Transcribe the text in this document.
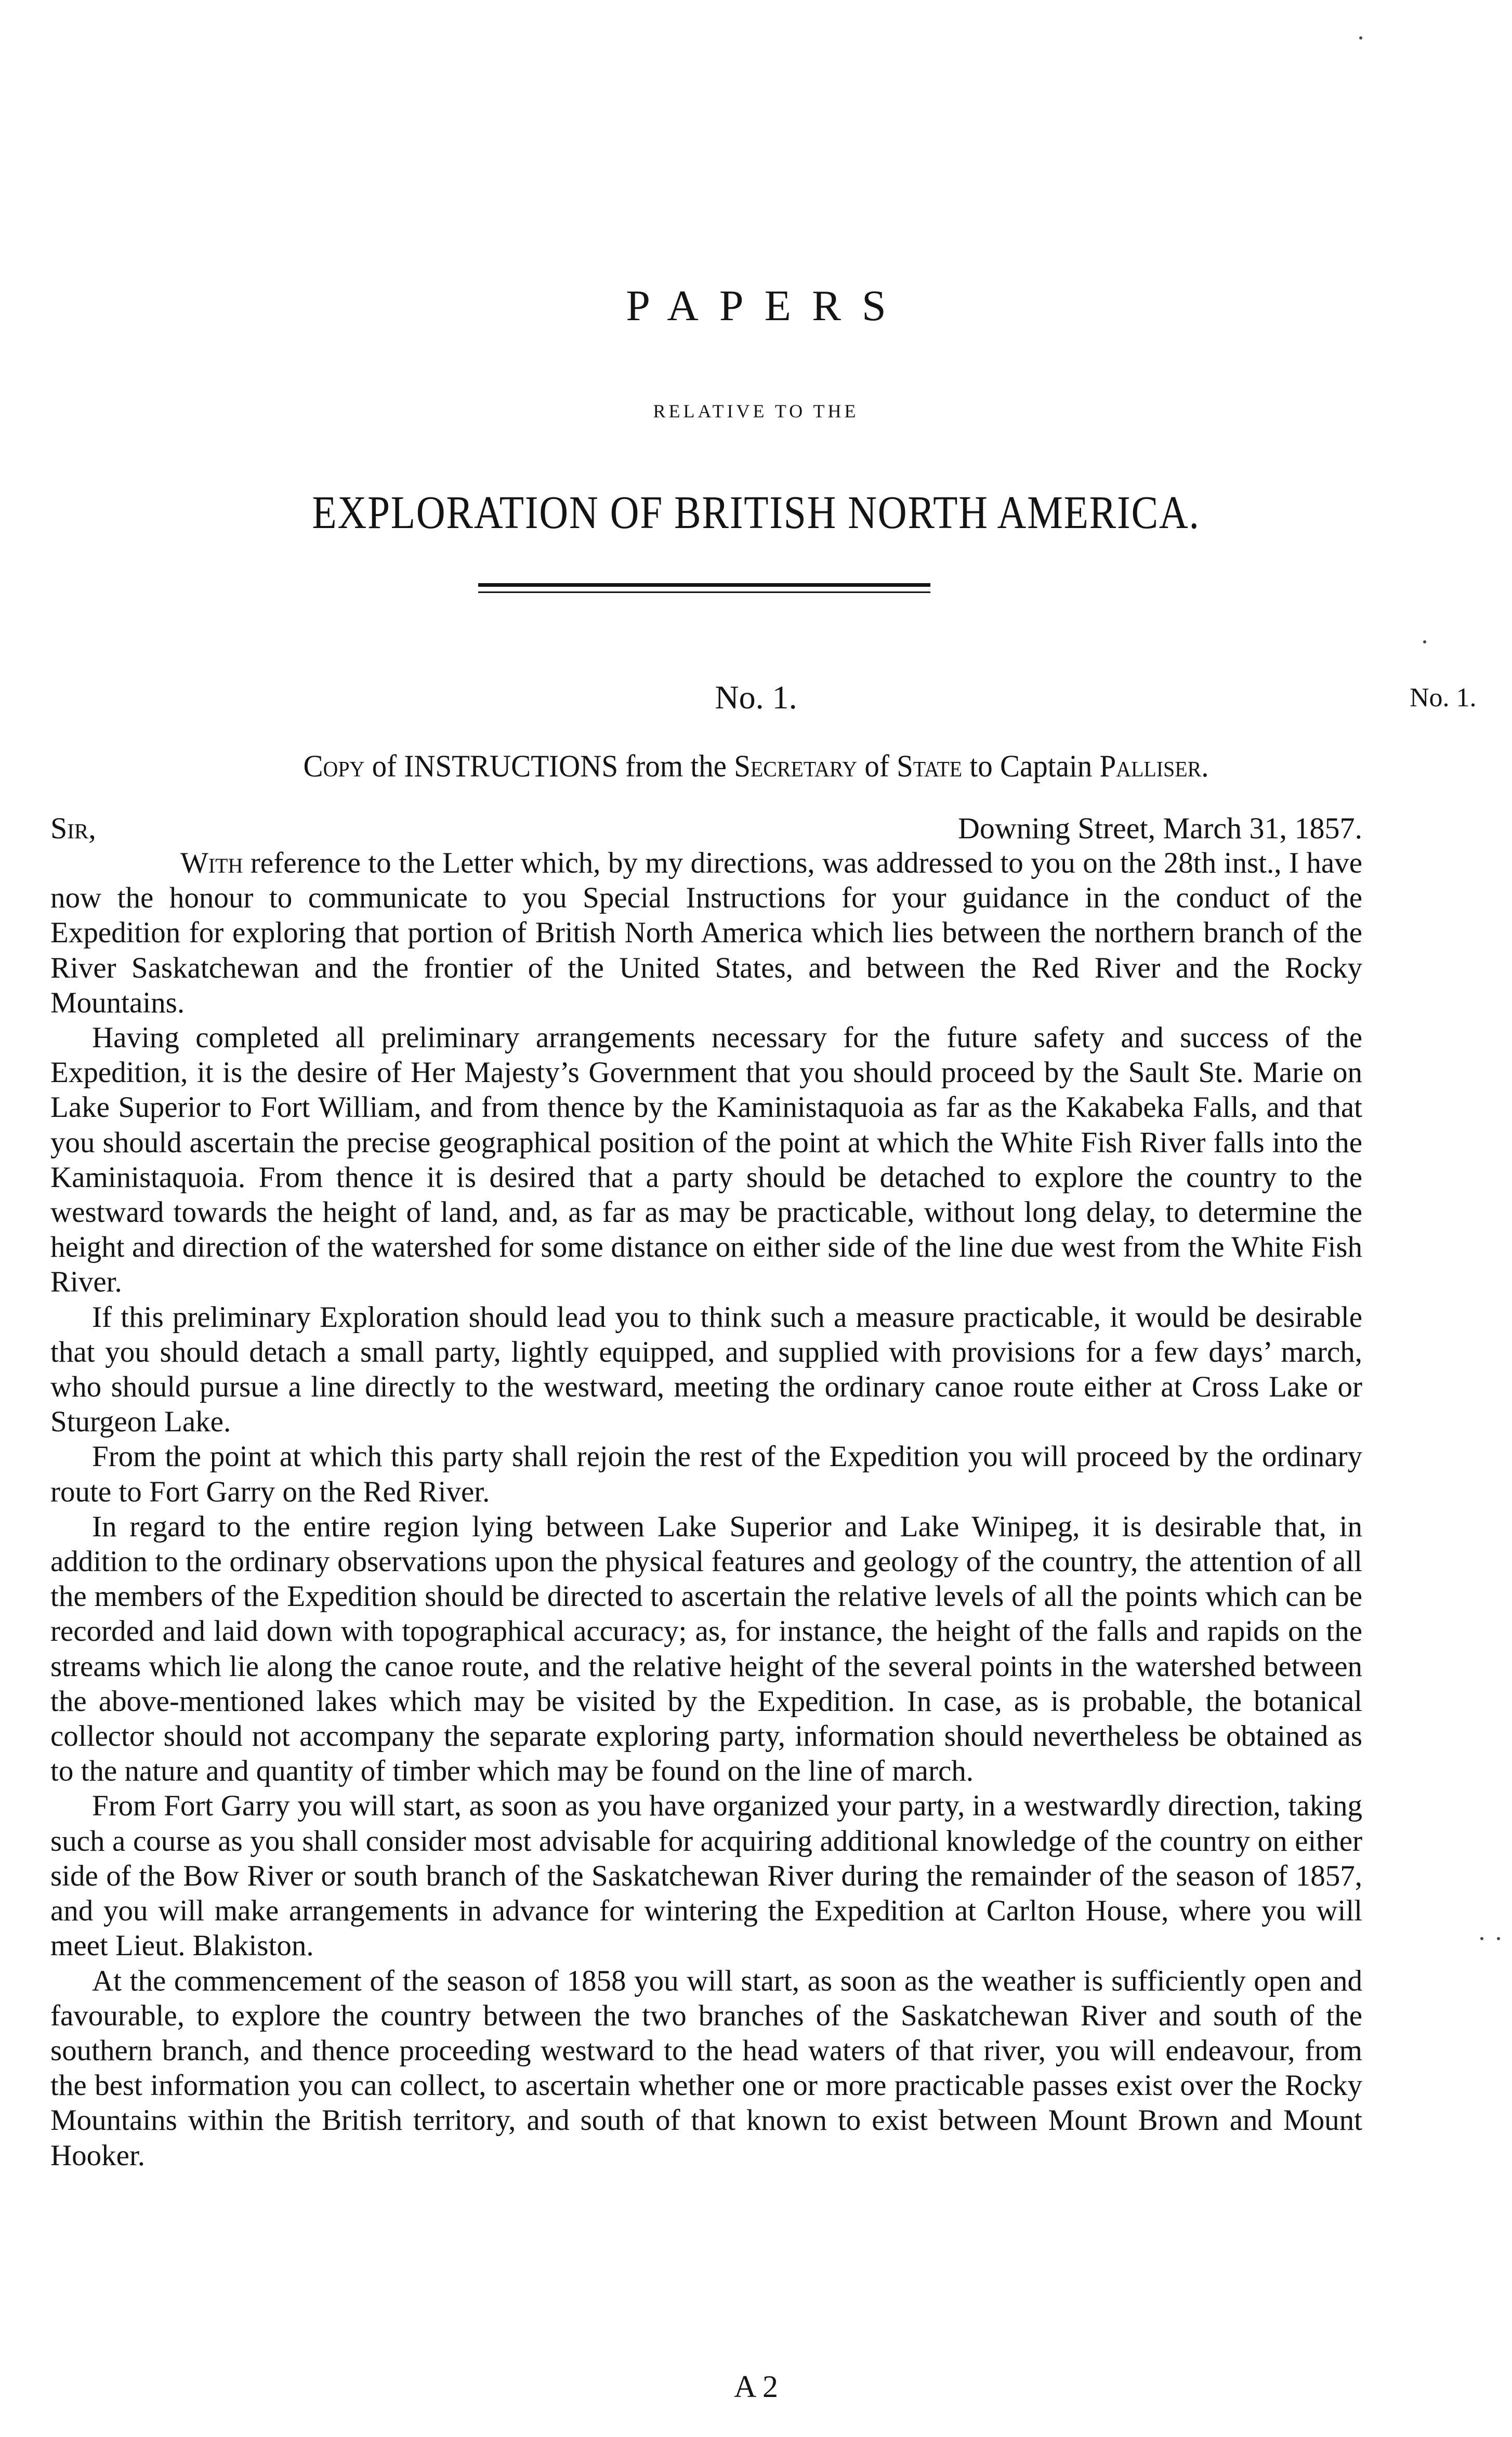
PAPERS
RELATIVE TO THE
EXPLORATION OF BRITISH NORTH AMERICA.
No. 1.	No. 1.
Copy of INSTRUCTIONS from the Secretary of State to Captain Palliser.
Sir,	Downing Street, March 31, 1857.

With reference to the Letter which, by my directions, was addressed to you on the 28th inst., I have now the honour to communicate to you Special Instructions for your guidance in the conduct of the Expedition for exploring that portion of British North America which lies between the northern branch of the River Saskatchewan and the frontier of the United States, and between the Red River and the Rocky Mountains.

Having completed all preliminary arrangements necessary for the future safety and success of the Expedition, it is the desire of Her Majesty’s Government that you should proceed by the Sault Ste. Marie on Lake Superior to Fort William, and from thence by the Kaministaquoia as far as the Kakabeka Falls, and that you should ascertain the precise geographical position of the point at which the White Fish River falls into the Kaministaquoia. From thence it is desired that a party should be detached to explore the country to the westward towards the height of land, and, as far as may be practicable, without long delay, to determine the height and direction of the watershed for some distance on either side of the line due west from the White Fish River.

If this preliminary Exploration should lead you to think such a measure practicable, it would be desirable that you should detach a small party, lightly equipped, and supplied with provisions for a few days’ march, who should pursue a line directly to the westward, meeting the ordinary canoe route either at Cross Lake or Sturgeon Lake.

From the point at which this party shall rejoin the rest of the Expedition you will proceed by the ordinary route to Fort Garry on the Red River.

In regard to the entire region lying between Lake Superior and Lake Winipeg, it is desirable that, in addition to the ordinary observations upon the physical features and geology of the country, the attention of all the members of the Expedition should be directed to ascertain the relative levels of all the points which can be recorded and laid down with topographical accuracy; as, for instance, the height of the falls and rapids on the streams which lie along the canoe route, and the relative height of the several points in the watershed between the above-mentioned lakes which may be visited by the Expedition. In case, as is probable, the botanical collector should not accompany the separate exploring party, information should nevertheless be obtained as to the nature and quantity of timber which may be found on the line of march.

From Fort Garry you will start, as soon as you have organized your party, in a westwardly direction, taking such a course as you shall consider most advisable for acquiring additional knowledge of the country on either side of the Bow River or south branch of the Saskatchewan River during the remainder of the season of 1857, and you will make arrangements in advance for wintering the Expedition at Carlton House, where you will meet Lieut. Blakiston.

At the commencement of the season of 1858 you will start, as soon as the weather is sufficiently open and favourable, to explore the country between the two branches of the Saskatchewan River and south of the southern branch, and thence proceeding westward to the head waters of that river, you will endeavour, from the best information you can collect, to ascertain whether one or more practicable passes exist over the Rocky Mountains within the British territory, and south of that known to exist between Mount Brown and Mount Hooker.

A 2
